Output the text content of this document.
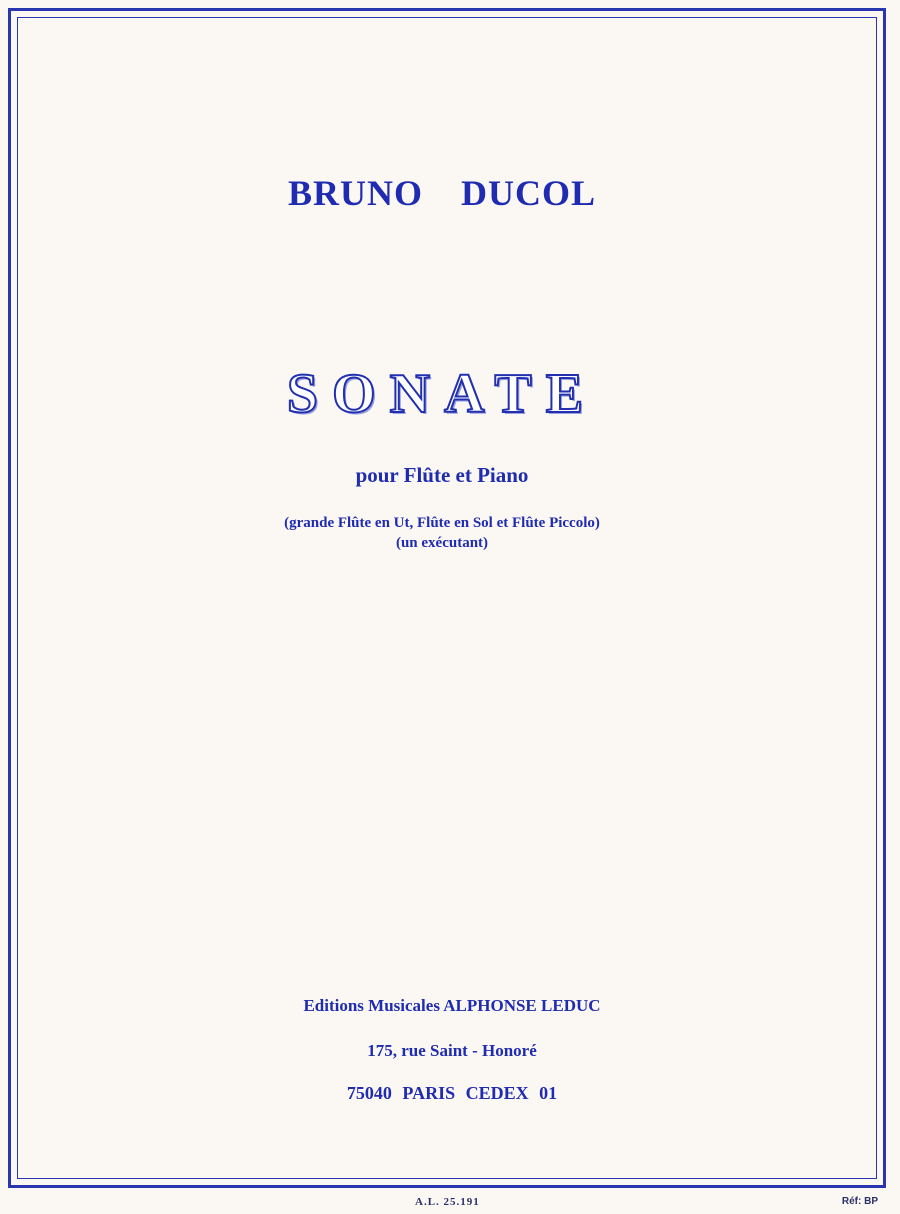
BRUNO DUCOL
SONATE
pour Flûte et Piano
(grande Flûte en Ut, Flûte en Sol et Flûte Piccolo)
(un exécutant)
Editions Musicales ALPHONSE LEDUC
175, rue Saint - Honoré
75040 PARIS CEDEX 01
A.L. 25.191	Réf: BP
